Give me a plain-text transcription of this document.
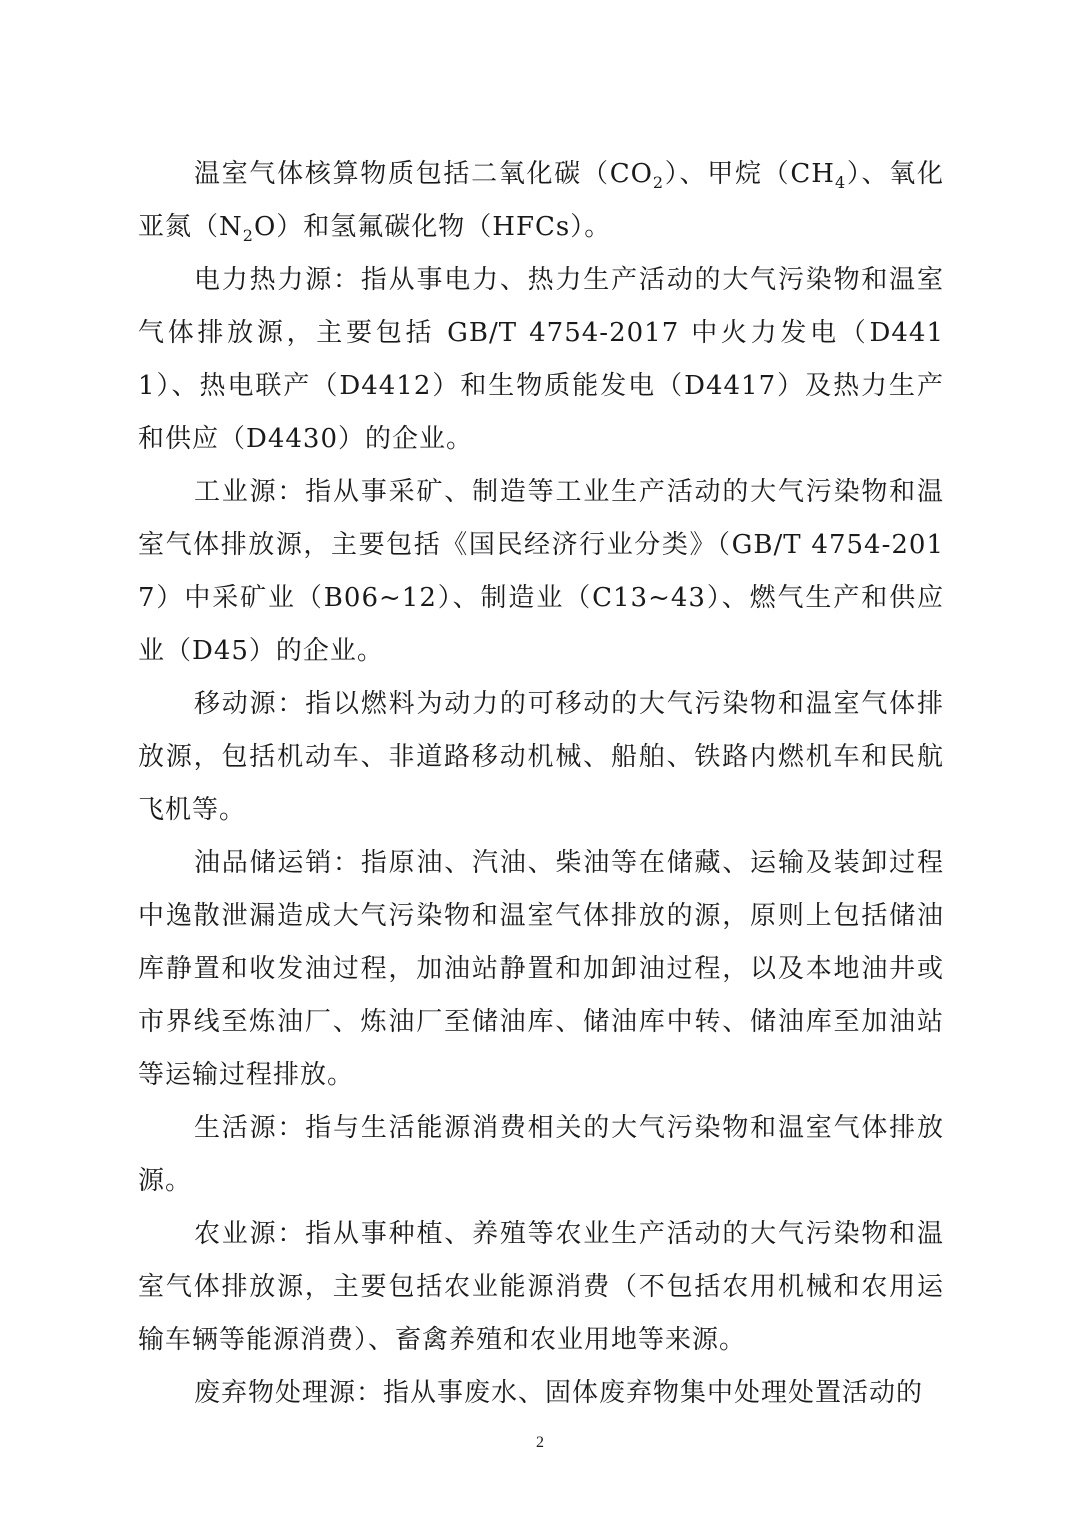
温室气体核算物质包括二氧化碳$(CO_2)$、甲烷$(CH_4)$、氧化亚氮$(N_2O)$和氢氟碳化物（HFCs）。

电力热力源：指从事电力、热力生产活动的大气污染物和温室气体排放源，主要包括 GB/T 4754-2017 中火力发电（D4411）、热电联产（D4412）和生物质能发电（D4417）及热力生产和供应（D4430）的企业。

工业源：指从事采矿、制造等工业生产活动的大气污染物和温室气体排放源，主要包括《国民经济行业分类》（GB/T 4754-2017）中采矿业（B06~12）、制造业（C13~43）、燃气生产和供应业（D45）的企业。

移动源：指以燃料为动力的可移动的大气污染物和温室气体排放源，包括机动车、非道路移动机械、船舶、铁路内燃机车和民航飞机等。

油品储运销：指原油、汽油、柴油等在储藏、运输及装卸过程中逸散泄漏造成大气污染物和温室气体排放的源，原则上包括储油库静置和收发油过程，加油站静置和加卸油过程，以及本地油井或市界线至炼油厂、炼油厂至储油库、储油库中转、储油库至加油站等运输过程排放。

生活源：指与生活能源消费相关的大气污染物和温室气体排放源。

农业源：指从事种植、养殖等农业生产活动的大气污染物和温室气体排放源，主要包括农业能源消费（不包括农用机械和农用运输车辆等能源消费）、畜禽养殖和农业用地等来源。

废弃物处理源：指从事废水、固体废弃物集中处理处置活动的

2
